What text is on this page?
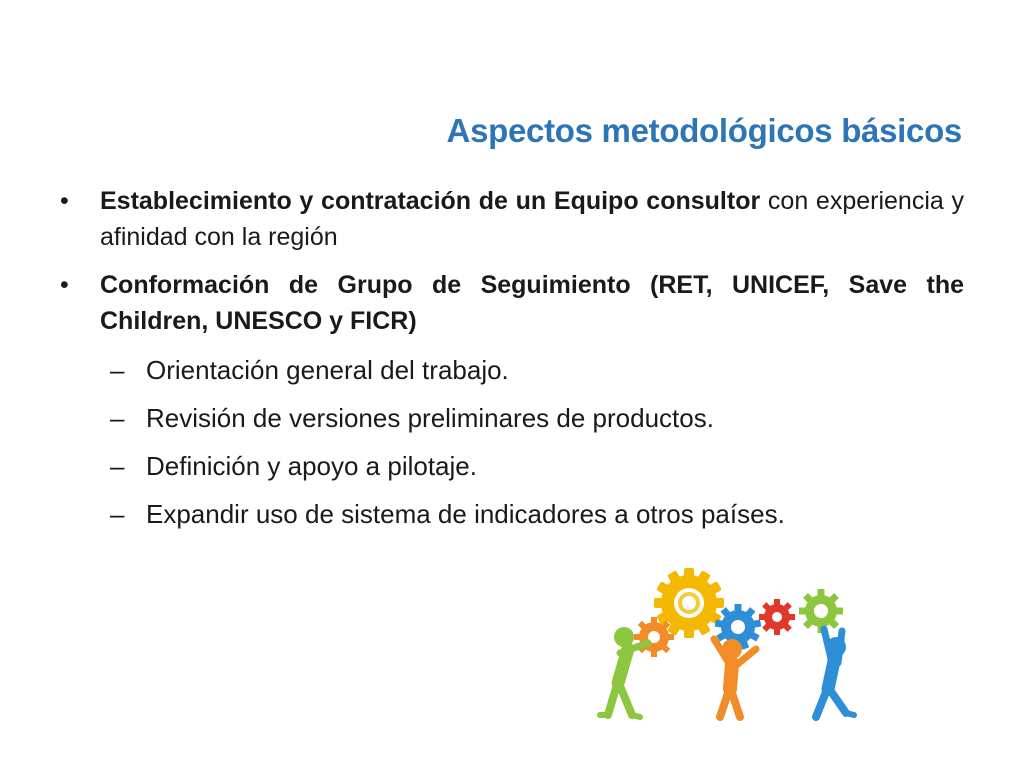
Aspectos metodológicos básicos
• Establecimiento y contratación de un Equipo consultor con experiencia y afinidad con la región
• Conformación de Grupo de Seguimiento (RET, UNICEF, Save the Children, UNESCO y FICR)
– Orientación general del trabajo.
– Revisión de versiones preliminares de productos.
– Definición y apoyo a pilotaje.
– Expandir uso de sistema de indicadores a otros países.
